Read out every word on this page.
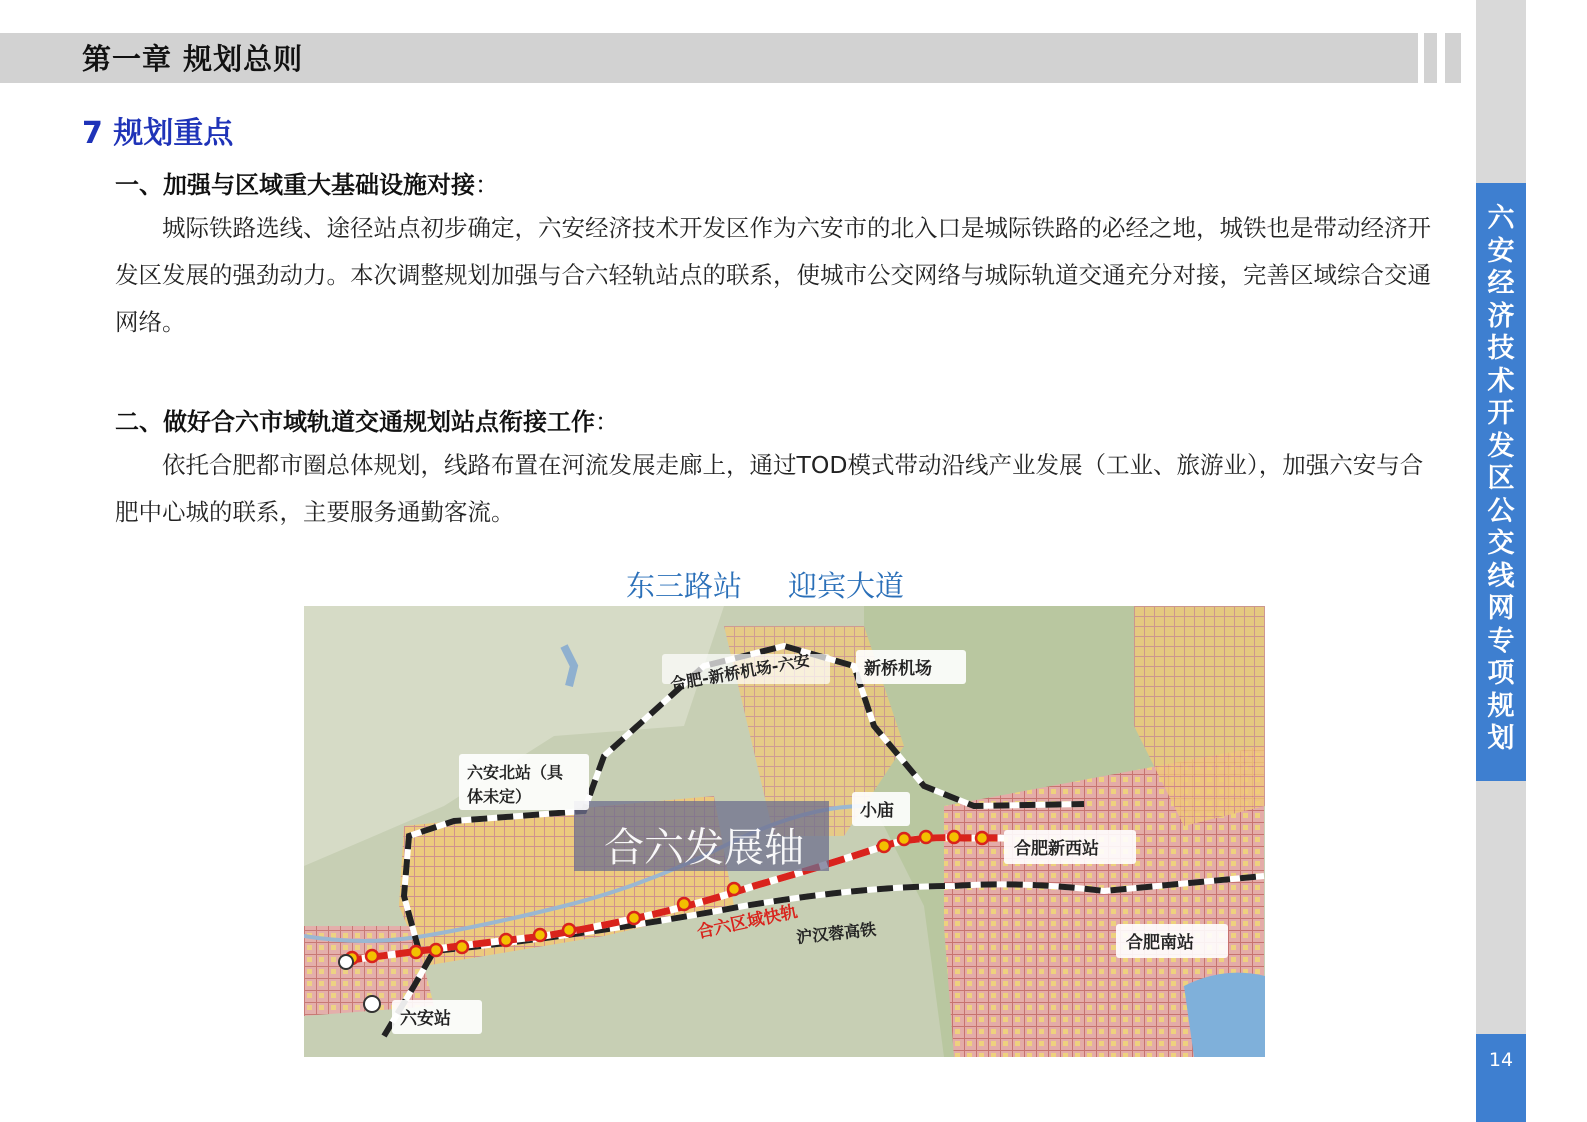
第一章 规划总则
六
安
经
济
技
术
开
发
区
公
交
线
网
专
项
规
划
14
7 规划重点
一、加强与区域重大基础设施对接：
城际铁路选线、途径站点初步确定，六安经济技术开发区作为六安市的北入口是城际铁路的必经之地，城铁也是带动经济开发区发展的强劲动力。本次调整规划加强与合六轻轨站点的联系，使城市公交网络与城际轨道交通充分对接，完善区域综合交通网络。
二、做好合六市域轨道交通规划站点衔接工作：
依托合肥都市圈总体规划，线路布置在河流发展走廊上，通过TOD模式带动沿线产业发展（工业、旅游业），加强六安与合肥中心城的联系，主要服务通勤客流。
东三路站 迎宾大道
合六发展轴
合肥-新桥机场-六安	新桥机场
六安北站（具
体未定）
小庙
合肥新西站
合六区域快轨
沪汉蓉高铁	合肥南站
六安站
